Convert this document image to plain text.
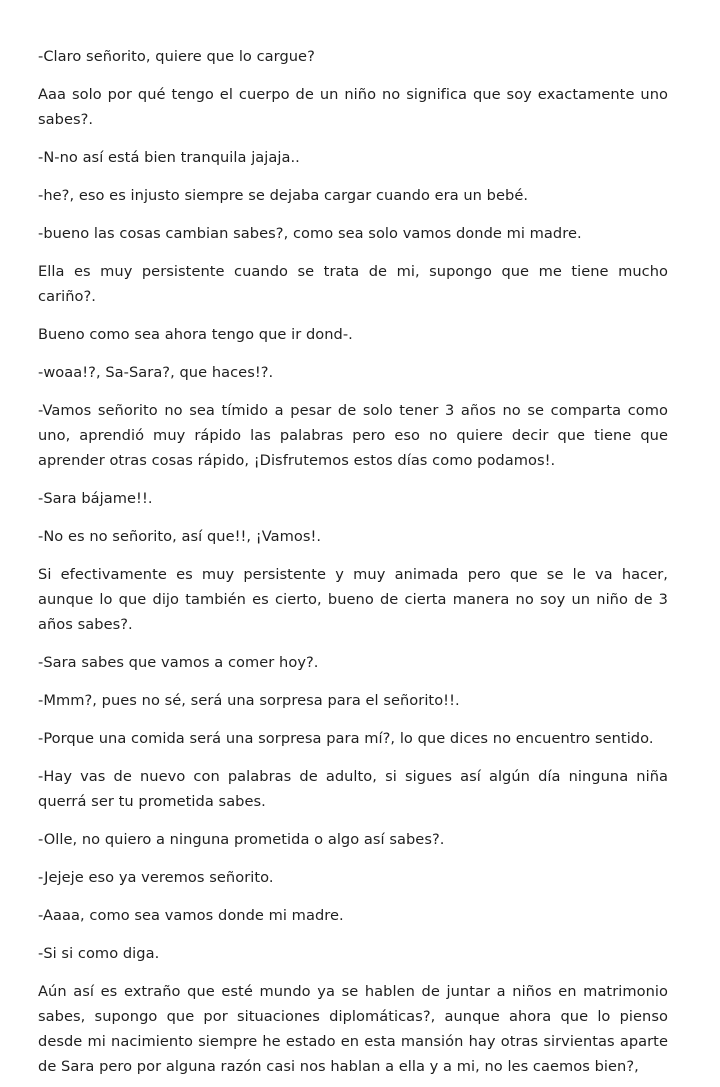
-Claro señorito, quiere que lo cargue?

Aaa solo por qué tengo el cuerpo de un niño no significa que soy exactamente uno sabes?.

-N-no así está bien tranquila jajaja..

-he?, eso es injusto siempre se dejaba cargar cuando era un bebé.

-bueno las cosas cambian sabes?, como sea solo vamos donde mi madre.

Ella es muy persistente cuando se trata de mi, supongo que me tiene mucho cariño?.

Bueno como sea ahora tengo que ir dond-.

-woaa!?, Sa-Sara?, que haces!?.

-Vamos señorito no sea tímido a pesar de solo tener 3 años no se comparta como uno, aprendió muy rápido las palabras pero eso no quiere decir que tiene que aprender otras cosas rápido, ¡Disfrutemos estos días como podamos!.

-Sara bájame!!.

-No es no señorito, así que!!, ¡Vamos!.

Si efectivamente es muy persistente y muy animada pero que se le va hacer, aunque lo que dijo también es cierto, bueno de cierta manera no soy un niño de 3 años sabes?.

-Sara sabes que vamos a comer hoy?.

-Mmm?, pues no sé, será una sorpresa para el señorito!!.

-Porque una comida será una sorpresa para mí?, lo que dices no encuentro sentido.

-Hay vas de nuevo con palabras de adulto, si sigues así algún día ninguna niña querrá ser tu prometida sabes.

-Olle, no quiero a ninguna prometida o algo así sabes?.

-Jejeje eso ya veremos señorito.

-Aaaa, como sea vamos donde mi madre.

-Si si como diga.

Aún así es extraño que esté mundo ya se hablen de juntar a niños en matrimonio sabes, supongo que por situaciones diplomáticas?, aunque ahora que lo pienso desde mi nacimiento siempre he estado en esta mansión hay otras sirvientas aparte de Sara pero por alguna razón casi nos hablan a ella y a mi, no les caemos bien?,
